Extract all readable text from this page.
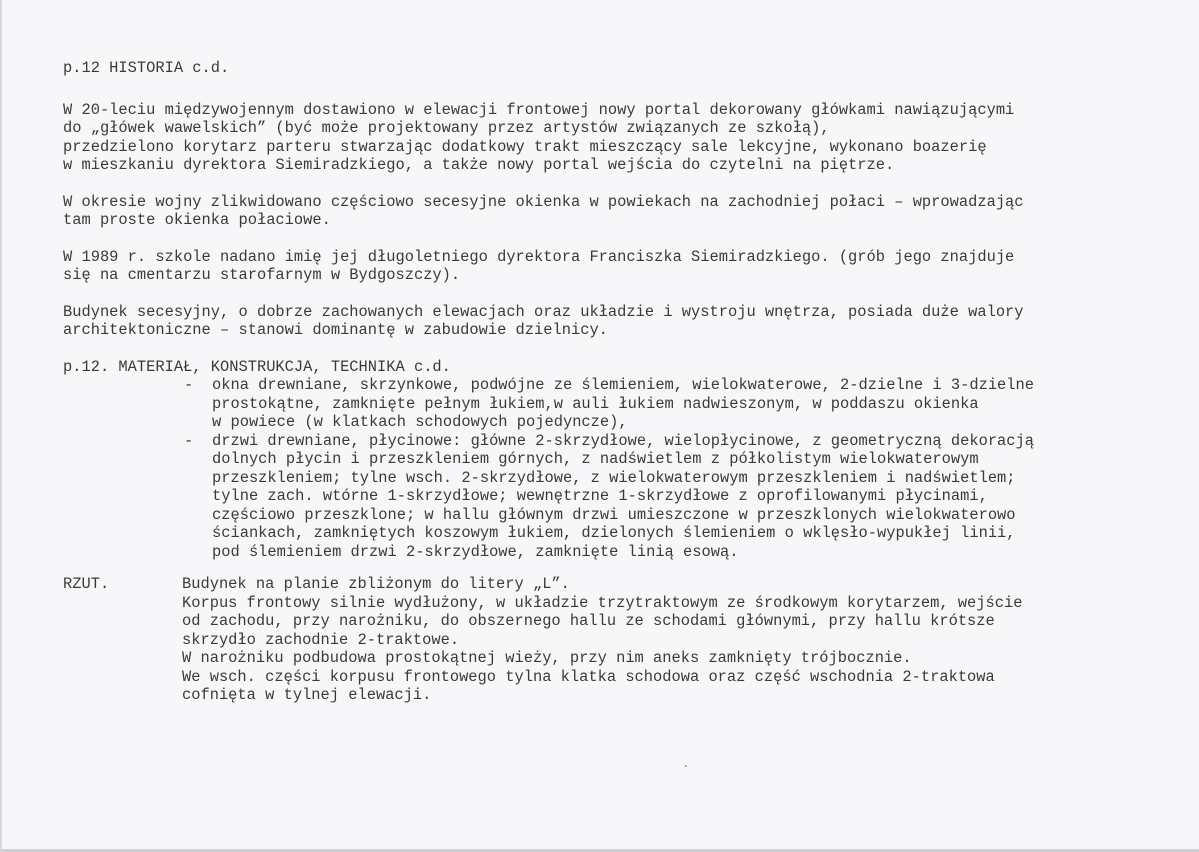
p.12 HISTORIA c.d.
W 20-leciu międzywojennym dostawiono w elewacji frontowej nowy portal dekorowany główkami nawiązującymi
do „główek wawelskich” (być może projektowany przez artystów związanych ze szkołą),
przedzielono korytarz parteru stwarzając dodatkowy trakt mieszczący sale lekcyjne, wykonano boazerię
w mieszkaniu dyrektora Siemiradzkiego, a także nowy portal wejścia do czytelni na piętrze.
W okresie wojny zlikwidowano częściowo secesyjne okienka w powiekach na zachodniej połaci – wprowadzając
tam proste okienka połaciowe.
W 1989 r. szkole nadano imię jej długoletniego dyrektora Franciszka Siemiradzkiego. (grób jego znajduje
się na cmentarzu starofarnym w Bydgoszczy).
Budynek secesyjny, o dobrze zachowanych elewacjach oraz układzie i wystroju wnętrza, posiada duże walory
architektoniczne – stanowi dominantę w zabudowie dzielnicy.
p.12. MATERIAŁ, KONSTRUKCJA, TECHNIKA c.d.
-	okna drewniane, skrzynkowe, podwójne ze ślemieniem, wielokwaterowe, 2-dzielne i 3-dzielne
prostokątne, zamknięte pełnym łukiem,w auli łukiem nadwieszonym, w poddaszu okienka
w powiece (w klatkach schodowych pojedyncze),
-	drzwi drewniane, płycinowe: główne 2-skrzydłowe, wielopłycinowe, z geometryczną dekoracją
dolnych płycin i przeszkleniem górnych, z nadświetlem z półkolistym wielokwaterowym
przeszkleniem; tylne wsch. 2-skrzydłowe, z wielokwaterowym przeszkleniem i nadświetlem;
tylne zach. wtórne 1-skrzydłowe; wewnętrzne 1-skrzydłowe z oprofilowanymi płycinami,
częściowo przeszklone; w hallu głównym drzwi umieszczone w przeszklonych wielokwaterowo
ściankach, zamkniętych koszowym łukiem, dzielonych ślemieniem o wklęsło-wypukłej linii,
pod ślemieniem drzwi 2-skrzydłowe, zamknięte linią esową.
RZUT.	Budynek na planie zbliżonym do litery „L”.
Korpus frontowy silnie wydłużony, w układzie trzytraktowym ze środkowym korytarzem, wejście
od zachodu, przy narożniku, do obszernego hallu ze schodami głównymi, przy hallu krótsze
skrzydło zachodnie 2-traktowe.
W narożniku podbudowa prostokątnej wieży, przy nim aneks zamknięty trójbocznie.
We wsch. części korpusu frontowego tylna klatka schodowa oraz część wschodnia 2-traktowa
cofnięta w tylnej elewacji.
